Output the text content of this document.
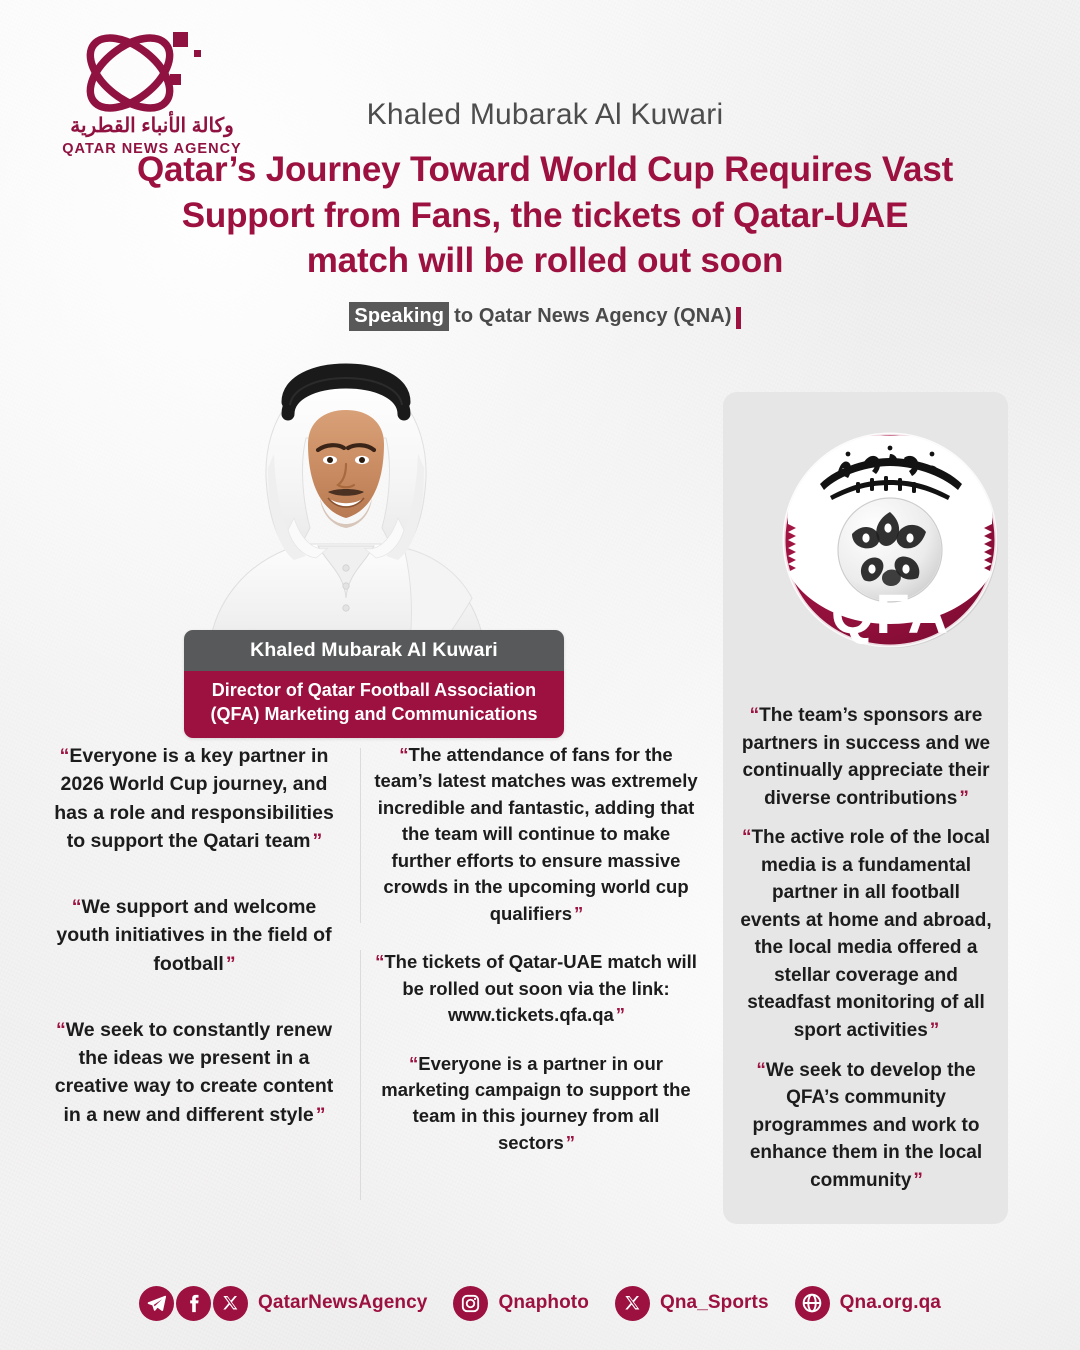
وكالة الأنباء القطرية
QATAR NEWS AGENCY
Khaled Mubarak Al Kuwari
Qatar’s Journey Toward World Cup Requires Vast Support from Fans, the tickets of Qatar-UAE match will be rolled out soon
Speaking to Qatar News Agency (QNA)
Khaled Mubarak Al Kuwari
Director of Qatar Football Association (QFA) Marketing and Communications
QFA
“Everyone is a key partner in 2026 World Cup journey, and has a role and responsibilities to support the Qatari team ”
“We support and welcome youth initiatives in the field of football ”
“We seek to constantly renew the ideas we present in a creative way to create content in a new and different style ”
“The attendance of fans for the team’s latest matches was extremely incredible and fantastic, adding that the team will continue to make further efforts to ensure massive crowds in the upcoming world cup qualifiers ”
“The tickets of Qatar-UAE match will be rolled out soon via the link: www.tickets.qfa.qa ”
“Everyone is a partner in our marketing campaign to support the team in this journey from all sectors ”
“The team’s sponsors are partners in success and we continually appreciate their diverse contributions ”
“The active role of the local media is a fundamental partner in all football events at home and abroad, the local media offered a stellar coverage and steadfast monitoring of all sport activities ”
“We seek to develop the QFA’s community programmes and work to enhance them in the local community ”
QatarNewsAgency	Qnaphoto	Qna_Sports	Qna.org.qa
